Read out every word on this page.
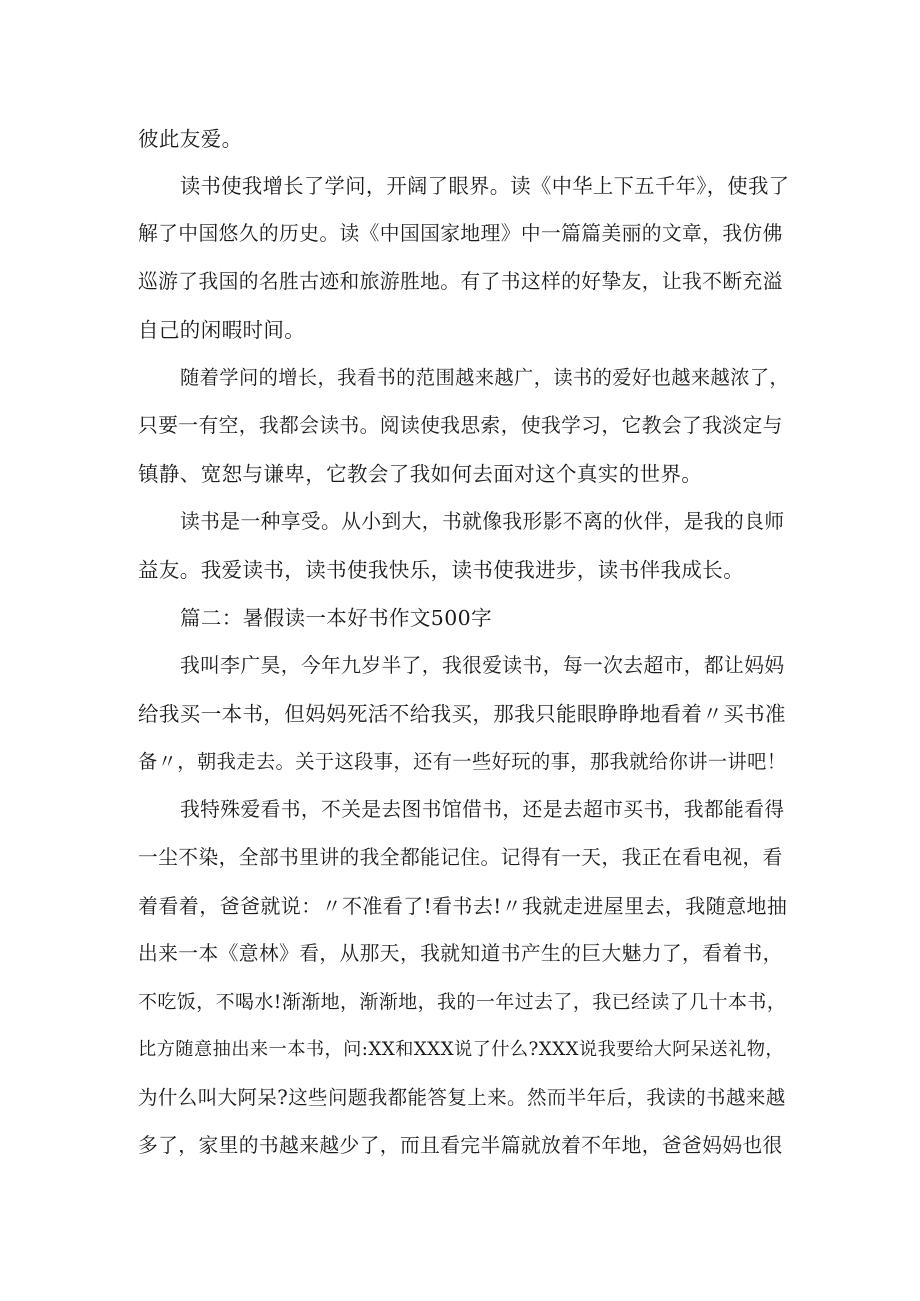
彼此友爱。

读书使我增长了学问，开阔了眼界。读《中华上下五千年》，使我了

解了中国悠久的历史。读《中国国家地理》中一篇篇美丽的文章，我仿佛

巡游了我国的名胜古迹和旅游胜地。有了书这样的好挚友，让我不断充溢

自己的闲暇时间。

随着学问的增长，我看书的范围越来越广，读书的爱好也越来越浓了，

只要一有空，我都会读书。阅读使我思索，使我学习，它教会了我淡定与

镇静、宽恕与谦卑，它教会了我如何去面对这个真实的世界。

读书是一种享受。从小到大，书就像我形影不离的伙伴，是我的良师

益友。我爱读书，读书使我快乐，读书使我进步，读书伴我成长。

篇二：暑假读一本好书作文500字

我叫李广昊，今年九岁半了，我很爱读书，每一次去超市，都让妈妈

给我买一本书，但妈妈死活不给我买，那我只能眼睁睁地看着〃买书准

备〃，朝我走去。关于这段事，还有一些好玩的事，那我就给你讲一讲吧！

我特殊爱看书，不关是去图书馆借书，还是去超市买书，我都能看得

一尘不染，全部书里讲的我全都能记住。记得有一天，我正在看电视，看

着看着，爸爸就说：〃不准看了!看书去!〃我就走进屋里去，我随意地抽

出来一本《意林》看，从那天，我就知道书产生的巨大魅力了，看着书，

不吃饭，不喝水!渐渐地，渐渐地，我的一年过去了，我已经读了几十本书，

比方随意抽出来一本书，问:XX和XXX说了什么?XXX说我要给大阿呆送礼物，

为什么叫大阿呆?这些问题我都能答复上来。然而半年后，我读的书越来越

多了，家里的书越来越少了，而且看完半篇就放着不年地，爸爸妈妈也很
